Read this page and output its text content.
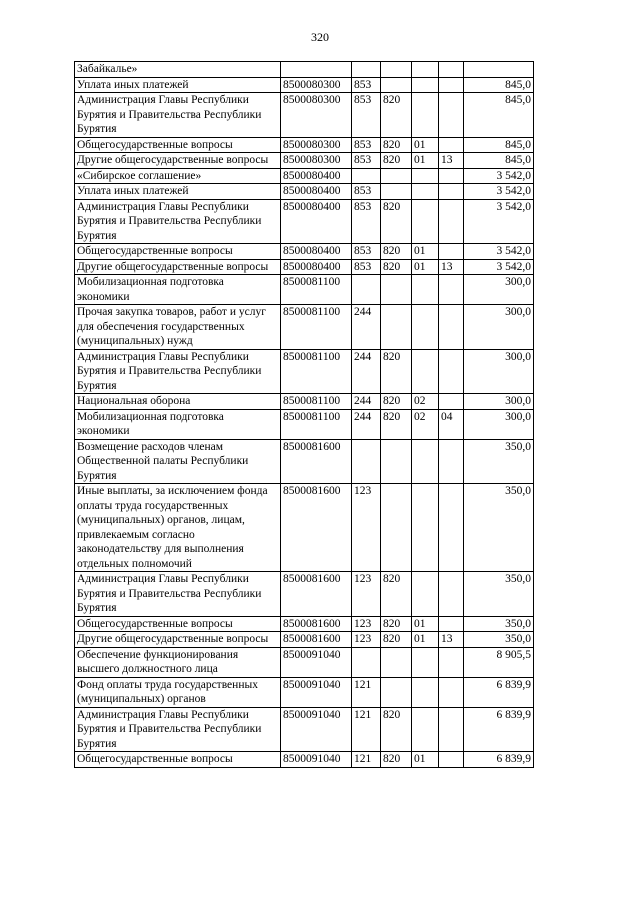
320
Забайкалье»						
Уплата иных платежей	8500080300	853				845,0
Администрация Главы Республики Бурятия и Правительства Республики Бурятия	8500080300	853	820			845,0
Общегосударственные вопросы	8500080300	853	820	01		845,0
Другие общегосударственные вопросы	8500080300	853	820	01	13	845,0
«Сибирское соглашение»	8500080400					3 542,0
Уплата иных платежей	8500080400	853				3 542,0
Администрация Главы Республики Бурятия и Правительства Республики Бурятия	8500080400	853	820			3 542,0
Общегосударственные вопросы	8500080400	853	820	01		3 542,0
Другие общегосударственные вопросы	8500080400	853	820	01	13	3 542,0
Мобилизационная подготовка экономики	8500081100					300,0
Прочая закупка товаров, работ и услуг для обеспечения государственных (муниципальных) нужд	8500081100	244				300,0
Администрация Главы Республики Бурятия и Правительства Республики Бурятия	8500081100	244	820			300,0
Национальная оборона	8500081100	244	820	02		300,0
Мобилизационная подготовка экономики	8500081100	244	820	02	04	300,0
Возмещение расходов членам Общественной палаты Республики Бурятия	8500081600					350,0
Иные выплаты, за исключением фонда оплаты труда государственных (муниципальных) органов, лицам, привлекаемым согласно законодательству для выполнения отдельных полномочий	8500081600	123				350,0
Администрация Главы Республики Бурятия и Правительства Республики Бурятия	8500081600	123	820			350,0
Общегосударственные вопросы	8500081600	123	820	01		350,0
Другие общегосударственные вопросы	8500081600	123	820	01	13	350,0
Обеспечение функционирования высшего должностного лица	8500091040					8 905,5
Фонд оплаты труда государственных (муниципальных) органов	8500091040	121				6 839,9
Администрация Главы Республики Бурятия и Правительства Республики Бурятия	8500091040	121	820			6 839,9
Общегосударственные вопросы	8500091040	121	820	01		6 839,9
